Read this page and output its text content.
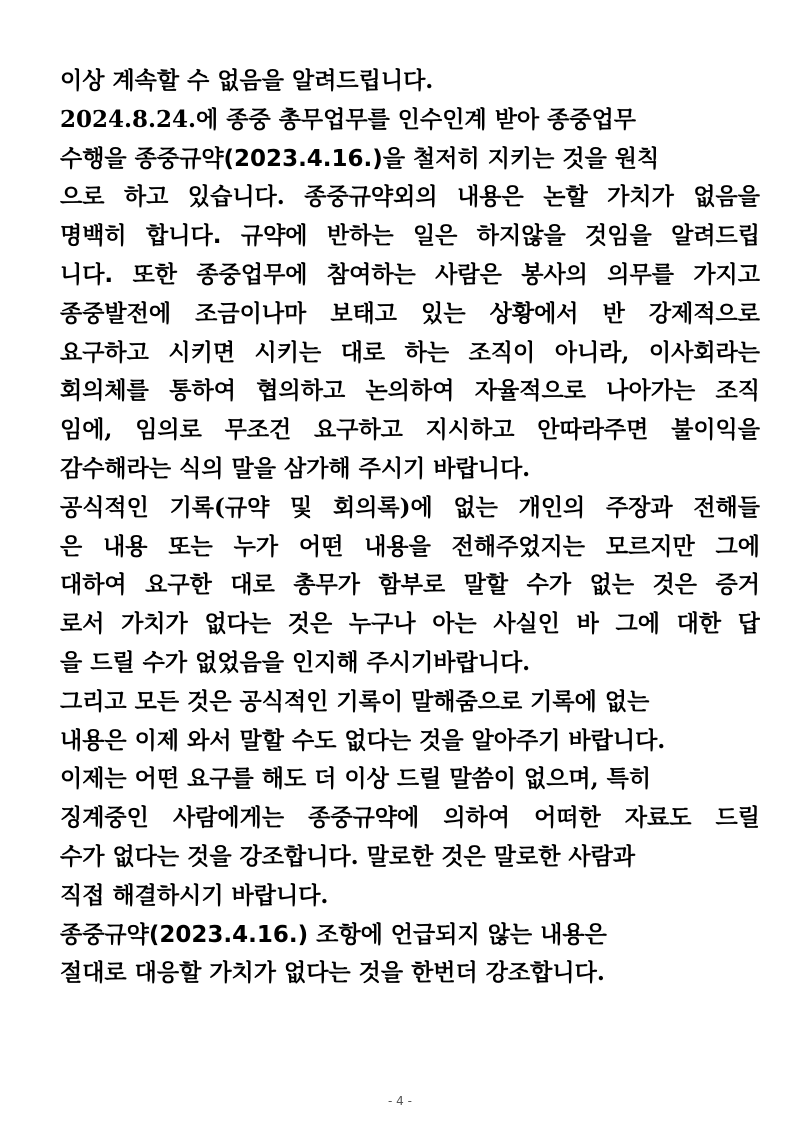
이상 계속할 수 없음을 알려드립니다.
2024.8.24.에 종중 총무업무를 인수인계 받아 종중업무
수행을 종중규약(2023.4.16.)을 철저히 지키는 것을 원칙
으로 하고 있습니다. 종중규약외의 내용은 논할 가치가 없음을
명백히 합니다. 규약에 반하는 일은 하지않을 것임을 알려드립
니다. 또한 종중업무에 참여하는 사람은 봉사의 의무를 가지고
종중발전에 조금이나마 보태고 있는 상황에서 반 강제적으로
요구하고 시키면 시키는 대로 하는 조직이 아니라, 이사회라는
회의체를 통하여 협의하고 논의하여 자율적으로 나아가는 조직
임에, 임의로 무조건 요구하고 지시하고 안따라주면 불이익을
감수해라는 식의 말을 삼가해 주시기 바랍니다.
공식적인 기록(규약 및 회의록)에 없는 개인의 주장과 전해들
은 내용 또는 누가 어떤 내용을 전해주었지는 모르지만 그에
대하여 요구한 대로 총무가 함부로 말할 수가 없는 것은 증거
로서 가치가 없다는 것은 누구나 아는 사실인 바 그에 대한 답
을 드릴 수가 없었음을 인지해 주시기바랍니다.
그리고 모든 것은 공식적인 기록이 말해줌으로 기록에 없는
내용은 이제 와서 말할 수도 없다는 것을 알아주기 바랍니다.
이제는 어떤 요구를 해도 더 이상 드릴 말씀이 없으며, 특히
징계중인 사람에게는 종중규약에 의하여 어떠한 자료도 드릴
수가 없다는 것을 강조합니다. 말로한 것은 말로한 사람과
직접 해결하시기 바랍니다.
종중규약(2023.4.16.) 조항에 언급되지 않는 내용은
절대로 대응할 가치가 없다는 것을 한번더 강조합니다.
- 4 -
